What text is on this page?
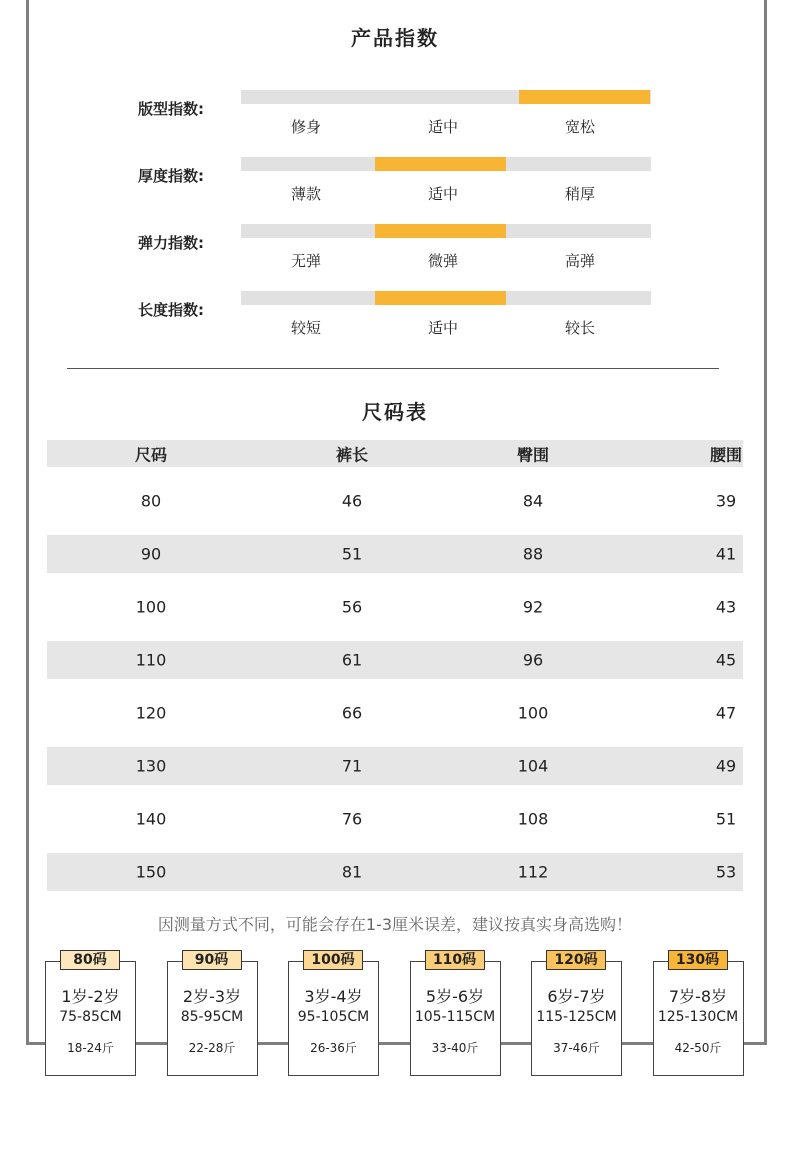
产品指数
版型指数:
修身	适中	宽松
厚度指数:
薄款	适中	稍厚
弹力指数:
无弹	微弹	高弹
长度指数:
较短	适中	较长
尺码表
尺码	裤长	臀围	腰围
80	46	84	39
90	51	88	41
100	56	92	43
110	61	96	45
120	66	100	47
130	71	104	49
140	76	108	51
150	81	112	53
因测量方式不同，可能会存在1-3厘米误差，建议按真实身高选购！
80码
1岁-2岁
75-85CM
18-24斤
90码
2岁-3岁
85-95CM
22-28斤
100码
3岁-4岁
95-105CM
26-36斤
110码
5岁-6岁
105-115CM
33-40斤
120码
6岁-7岁
115-125CM
37-46斤
130码
7岁-8岁
125-130CM
42-50斤
